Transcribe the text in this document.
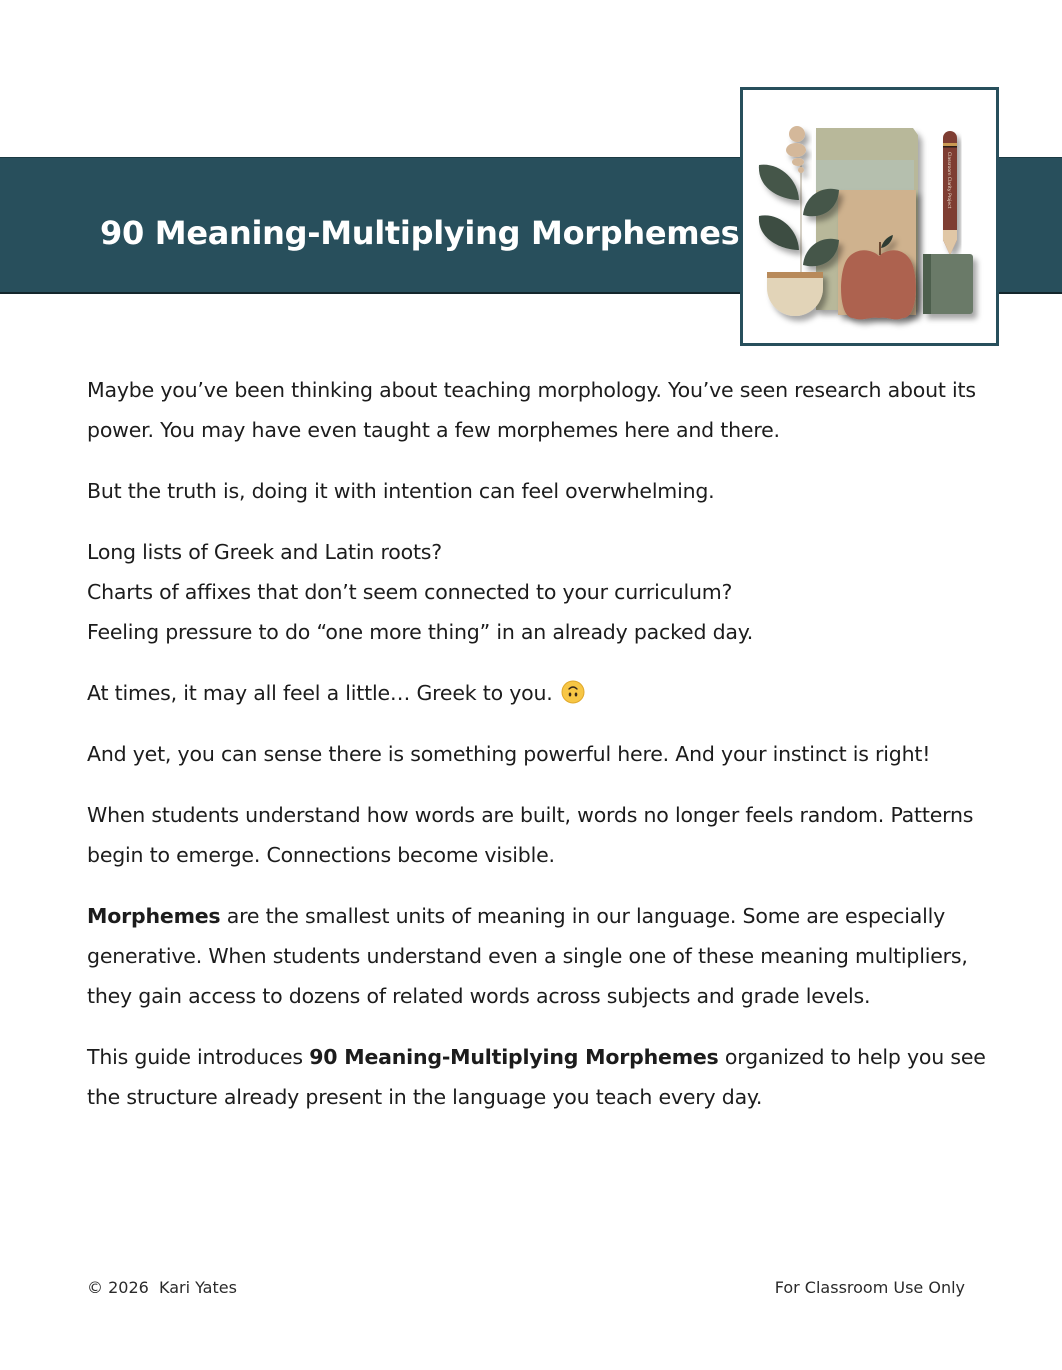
90 Meaning-Multiplying Morphemes
Classroom Clarity Project

Maybe you’ve been thinking about teaching morphology. You’ve seen research about its power. You may have even taught a few morphemes here and there.

But the truth is, doing it with intention can feel overwhelming.

Long lists of Greek and Latin roots?
Charts of affixes that don’t seem connected to your curriculum?
Feeling pressure to do “one more thing” in an already packed day.

At times, it may all feel a little… Greek to you.

And yet, you can sense there is something powerful here. And your instinct is right!

When students understand how words are built, words no longer feels random. Patterns begin to emerge. Connections become visible.

Morphemes are the smallest units of meaning in our language. Some are especially generative. When students understand even a single one of these meaning multipliers, they gain access to dozens of related words across subjects and grade levels.

This guide introduces 90 Meaning-Multiplying Morphemes organized to help you see the structure already present in the language you teach every day.

© 2026  Kari Yates	For Classroom Use Only
